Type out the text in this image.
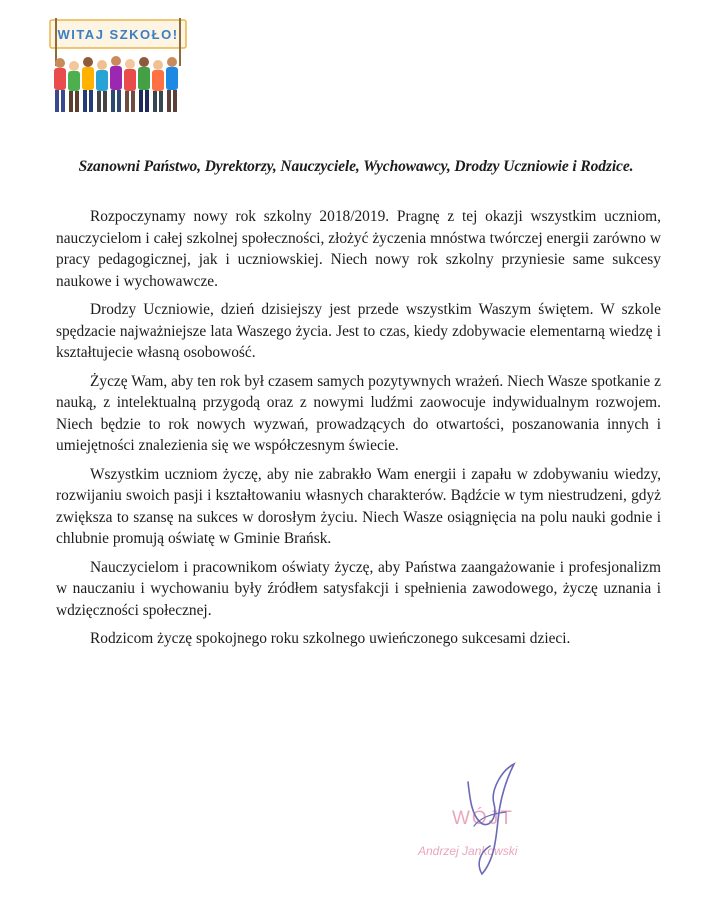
WITAJ SZKOŁO!
Szanowni Państwo, Dyrektorzy, Nauczyciele, Wychowawcy, Drodzy Uczniowie i Rodzice.

Rozpoczynamy nowy rok szkolny 2018/2019. Pragnę z tej okazji wszystkim uczniom, nauczycielom i całej szkolnej społeczności, złożyć życzenia mnóstwa twórczej energii zarówno w pracy pedagogicznej, jak i uczniowskiej. Niech nowy rok szkolny przyniesie same sukcesy naukowe i wychowawcze.

Drodzy Uczniowie, dzień dzisiejszy jest przede wszystkim Waszym świętem. W szkole spędzacie najważniejsze lata Waszego życia. Jest to czas, kiedy zdobywacie elementarną wiedzę i kształtujecie własną osobowość.

Życzę Wam, aby ten rok był czasem samych pozytywnych wrażeń. Niech Wasze spotkanie z nauką, z intelektualną przygodą oraz z nowymi ludźmi zaowocuje indywidualnym rozwojem. Niech będzie to rok nowych wyzwań, prowadzących do otwartości, poszanowania innych i umiejętności znalezienia się we współczesnym świecie.

Wszystkim uczniom życzę, aby nie zabrakło Wam energii i zapału w zdobywaniu wiedzy, rozwijaniu swoich pasji i kształtowaniu własnych charakterów. Bądźcie w tym niestrudzeni, gdyż zwiększa to szansę na sukces w dorosłym życiu. Niech Wasze osiągnięcia na polu nauki godnie i chlubnie promują oświatę w Gminie Brańsk.

Nauczycielom i pracownikom oświaty życzę, aby Państwa zaangażowanie i profesjonalizm w nauczaniu i wychowaniu były źródłem satysfakcji i spełnienia zawodowego, życzę uznania i wdzięczności społecznej.

Rodzicom życzę spokojnego roku szkolnego uwieńczonego sukcesami dzieci.

WÓJT
Andrzej Jankowski
